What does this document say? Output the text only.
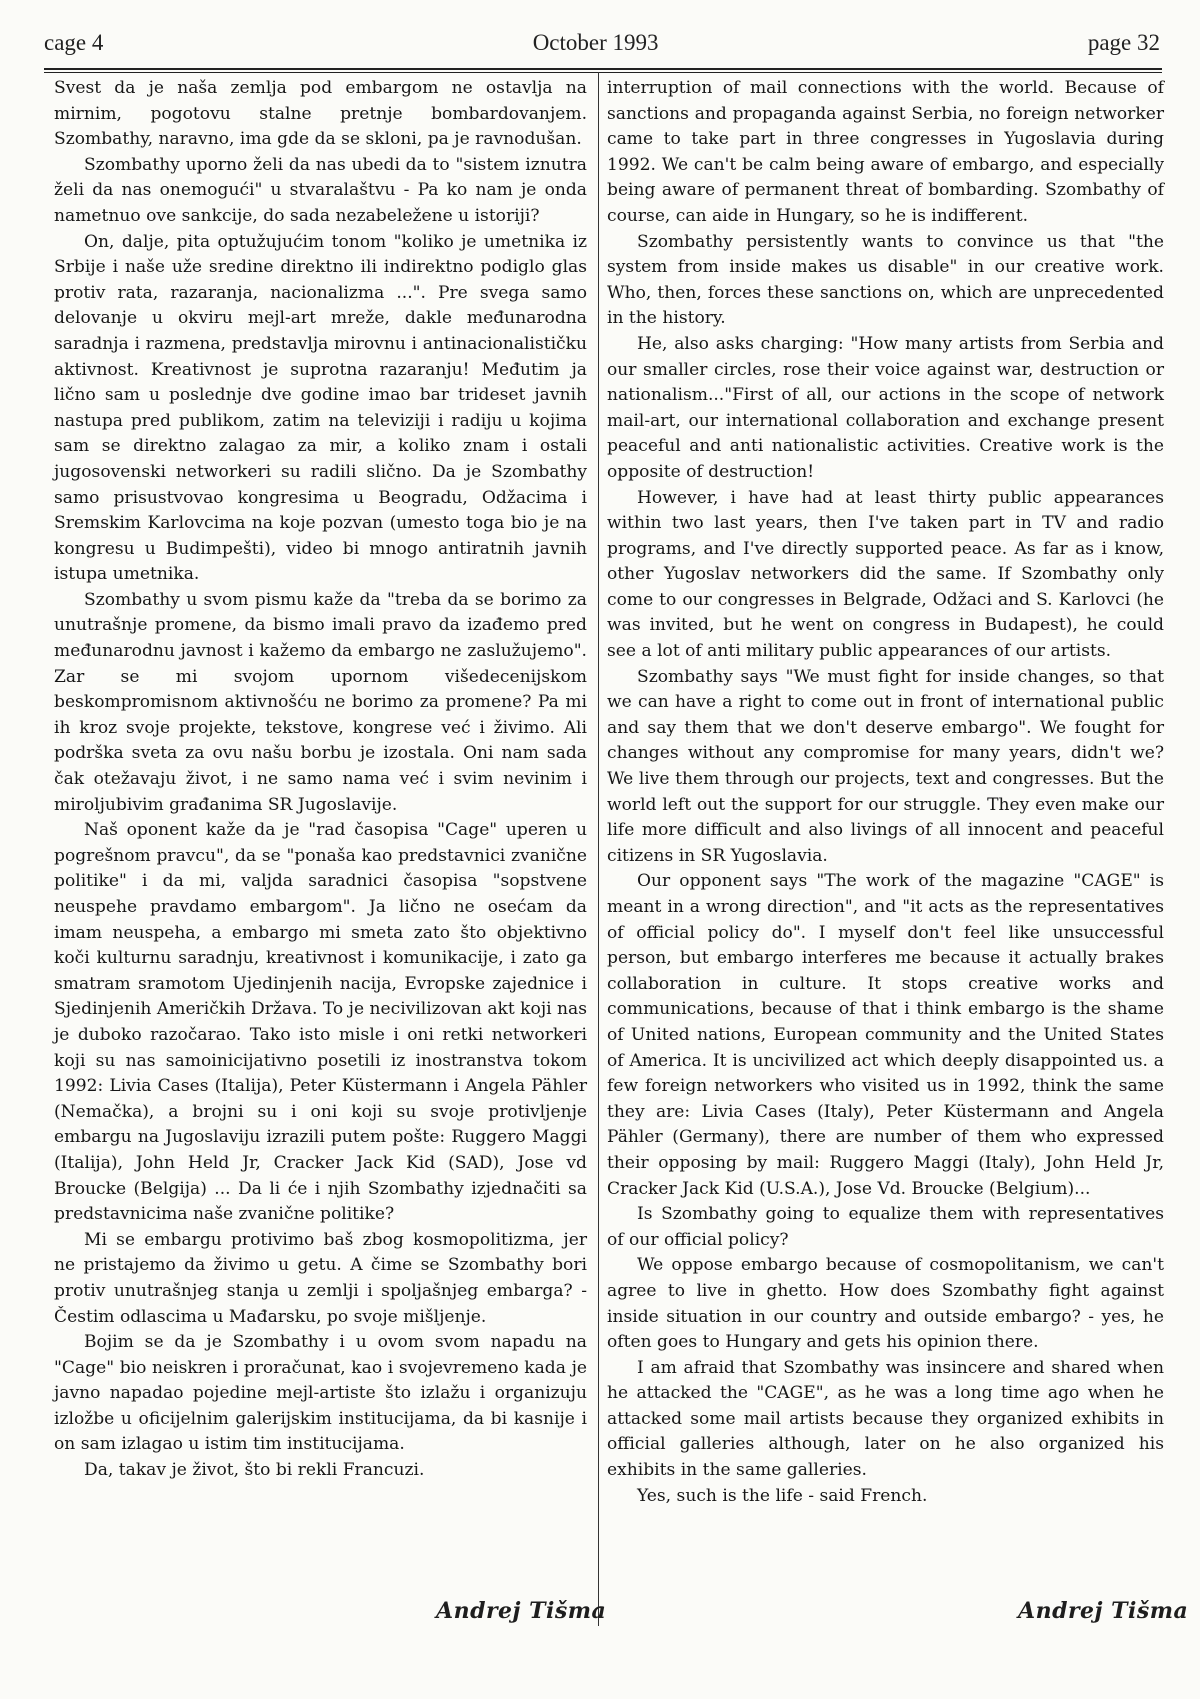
cage 4	October 1993	page 32

Svest da je naša zemlja pod embargom ne ostavlja na mirnim, pogotovu stalne pretnje bombardovanjem. Szombathy, naravno, ima gde da se skloni, pa je ravnodušan.

Szombathy uporno želi da nas ubedi da to "sistem iznutra želi da nas onemogući" u stvaralaštvu - Pa ko nam je onda nametnuo ove sankcije, do sada nezabeležene u istoriji?

On, dalje, pita optužujućim tonom "koliko je umetnika iz Srbije i naše uže sredine direktno ili indirektno podiglo glas protiv rata, razaranja, nacionalizma ...". Pre svega samo delovanje u okviru mejl-art mreže, dakle međunarodna saradnja i razmena, predstavlja mirovnu i antinacionalističku aktivnost. Kreativnost je suprotna razaranju! Međutim ja lično sam u poslednje dve godine imao bar trideset javnih nastupa pred publikom, zatim na televiziji i radiju u kojima sam se direktno zalagao za mir, a koliko znam i ostali jugosovenski networkeri su radili slično. Da je Szombathy samo prisustvovao kongresima u Beogradu, Odžacima i Sremskim Karlovcima na koje pozvan (umesto toga bio je na kongresu u Budimpešti), video bi mnogo antiratnih javnih istupa umetnika.

Szombathy u svom pismu kaže da "treba da se borimo za unutrašnje promene, da bismo imali pravo da izađemo pred međunarodnu javnost i kažemo da embargo ne zaslužujemo". Zar se mi svojom upornom višedecenijskom beskompromisnom aktivnošću ne borimo za promene? Pa mi ih kroz svoje projekte, tekstove, kongrese već i živimo. Ali podrška sveta za ovu našu borbu je izostala. Oni nam sada čak otežavaju život, i ne samo nama već i svim nevinim i miroljubivim građanima SR Jugoslavije.

Naš oponent kaže da je "rad časopisa "Cage" uperen u pogrešnom pravcu", da se "ponaša kao predstavnici zvanične politike" i da mi, valjda saradnici časopisa "sopstvene neuspehe pravdamo embargom". Ja lično ne osećam da imam neuspeha, a embargo mi smeta zato što objektivno koči kulturnu saradnju, kreativnost i komunikacije, i zato ga smatram sramotom Ujedinjenih nacija, Evropske zajednice i Sjedinjenih Američkih Država. To je necivilizovan akt koji nas je duboko razočarao. Tako isto misle i oni retki networkeri koji su nas samoinicijativno posetili iz inostranstva tokom 1992: Livia Cases (Italija), Peter Küstermann i Angela Pähler (Nemačka), a brojni su i oni koji su svoje protivljenje embargu na Jugoslaviju izrazili putem pošte: Ruggero Maggi (Italija), John Held Jr, Cracker Jack Kid (SAD), Jose vd Broucke (Belgija) ... Da li će i njih Szombathy izjednačiti sa predstavnicima naše zvanične politike?

Mi se embargu protivimo baš zbog kosmopolitizma, jer ne pristajemo da živimo u getu. A čime se Szombathy bori protiv unutrašnjeg stanja u zemlji i spoljašnjeg embarga? - Čestim odlascima u Mađarsku, po svoje mišljenje.

Bojim se da je Szombathy i u ovom svom napadu na "Cage" bio neiskren i proračunat, kao i svojevremeno kada je javno napadao pojedine mejl-artiste što izlažu i organizuju izložbe u oficijelnim galerijskim institucijama, da bi kasnije i on sam izlagao u istim tim institucijama.

Da, takav je život, što bi rekli Francuzi.

interruption of mail connections with the world. Because of sanctions and propaganda against Serbia, no foreign networker came to take part in three congresses in Yugoslavia during 1992. We can't be calm being aware of embargo, and especially being aware of permanent threat of bombarding. Szombathy of course, can aide in Hungary, so he is indifferent.

Szombathy persistently wants to convince us that "the system from inside makes us disable" in our creative work. Who, then, forces these sanctions on, which are unprecedented in the history.

He, also asks charging: "How many artists from Serbia and our smaller circles, rose their voice against war, destruction or nationalism..."First of all, our actions in the scope of network mail-art, our international collaboration and exchange present peaceful and anti nationalistic activities. Creative work is the opposite of destruction!

However, i have had at least thirty public appearances within two last years, then I've taken part in TV and radio programs, and I've directly supported peace. As far as i know, other Yugoslav networkers did the same. If Szombathy only come to our congresses in Belgrade, Odžaci and S. Karlovci (he was invited, but he went on congress in Budapest), he could see a lot of anti military public appearances of our artists.

Szombathy says "We must fight for inside changes, so that we can have a right to come out in front of international public and say them that we don't deserve embargo". We fought for changes without any compromise for many years, didn't we? We live them through our projects, text and congresses. But the world left out the support for our struggle. They even make our life more difficult and also livings of all innocent and peaceful citizens in SR Yugoslavia.

Our opponent says "The work of the magazine "CAGE" is meant in a wrong direction", and "it acts as the representatives of official policy do". I myself don't feel like unsuccessful person, but embargo interferes me because it actually brakes collaboration in culture. It stops creative works and communications, because of that i think embargo is the shame of United nations, European community and the United States of America. It is uncivilized act which deeply disappointed us. a few foreign networkers who visited us in 1992, think the same they are: Livia Cases (Italy), Peter Küstermann and Angela Pähler (Germany), there are number of them who expressed their opposing by mail: Ruggero Maggi (Italy), John Held Jr, Cracker Jack Kid (U.S.A.), Jose Vd. Broucke (Belgium)...

Is Szombathy going to equalize them with representatives of our official policy?

We oppose embargo because of cosmopolitanism, we can't agree to live in ghetto. How does Szombathy fight against inside situation in our country and outside embargo? - yes, he often goes to Hungary and gets his opinion there.

I am afraid that Szombathy was insincere and shared when he attacked the "CAGE", as he was a long time ago when he attacked some mail artists because they organized exhibits in official galleries although, later on he also organized his exhibits in the same galleries.

Yes, such is the life - said French.

Andrej Tišma	Andrej Tišma
